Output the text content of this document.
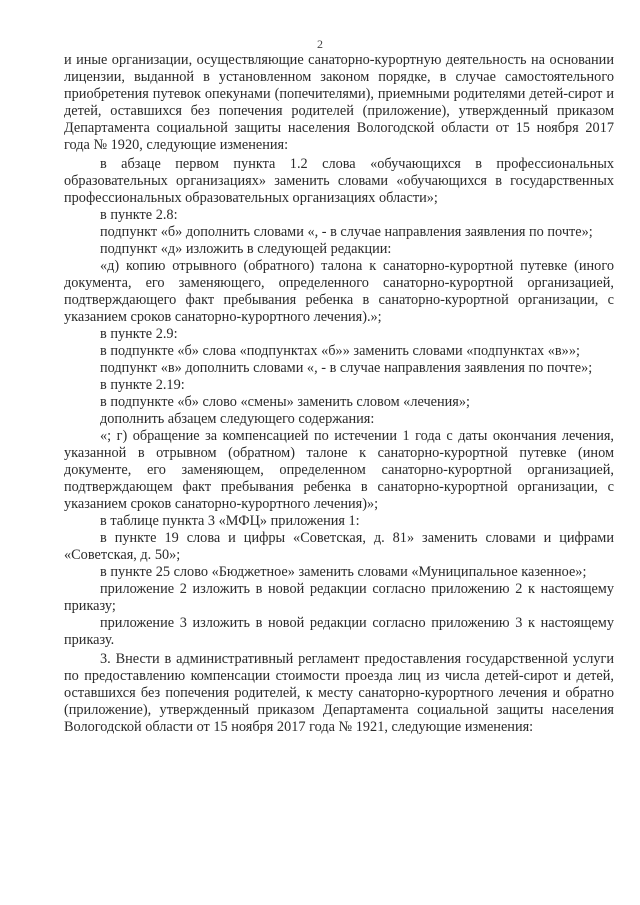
2

и иные организации, осуществляющие санаторно-курортную деятельность на основании лицензии, выданной в установленном законом порядке, в случае самостоятельного приобретения путевок опекунами (попечителями), приемными родителями детей-сирот и детей, оставшихся без попечения родителей (приложение), утвержденный приказом Департамента социальной защиты населения Вологодской области от 15 ноября 2017 года № 1920, следующие изменения:

в абзаце первом пункта 1.2 слова «обучающихся в профессиональных образовательных организациях» заменить словами «обучающихся в государственных профессиональных образовательных организациях области»;

в пункте 2.8:

подпункт «б» дополнить словами «, - в случае направления заявления по почте»;

подпункт «д» изложить в следующей редакции:

«д) копию отрывного (обратного) талона к санаторно-курортной путевке (иного документа, его заменяющего, определенного санаторно-курортной организацией, подтверждающего факт пребывания ребенка в санаторно-курортной организации, с указанием сроков санаторно-курортного лечения).»;

в пункте 2.9:

в подпункте «б» слова «подпунктах «б»» заменить словами «подпунктах «в»»;

подпункт «в» дополнить словами «, - в случае направления заявления по почте»;

в пункте 2.19:

в подпункте «б» слово «смены» заменить словом «лечения»;

дополнить абзацем следующего содержания:

«; г) обращение за компенсацией по истечении 1 года с даты окончания лечения, указанной в отрывном (обратном) талоне к санаторно-курортной путевке (ином документе, его заменяющем, определенном санаторно-курортной организацией, подтверждающем факт пребывания ребенка в санаторно-курортной организации, с указанием сроков санаторно-курортного лечения)»;

в таблице пункта 3 «МФЦ» приложения 1:

в пункте 19 слова и цифры «Советская, д. 81» заменить словами и цифрами «Советская, д. 50»;

в пункте 25 слово «Бюджетное» заменить словами «Муниципальное казенное»;

приложение 2 изложить в новой редакции согласно приложению 2 к настоящему приказу;

приложение 3 изложить в новой редакции согласно приложению 3 к настоящему приказу.

3. Внести в административный регламент предоставления государственной услуги по предоставлению компенсации стоимости проезда лиц из числа детей-сирот и детей, оставшихся без попечения родителей, к месту санаторно-курортного лечения и обратно (приложение), утвержденный приказом Департамента социальной защиты населения Вологодской области от 15 ноября 2017 года № 1921, следующие изменения:
